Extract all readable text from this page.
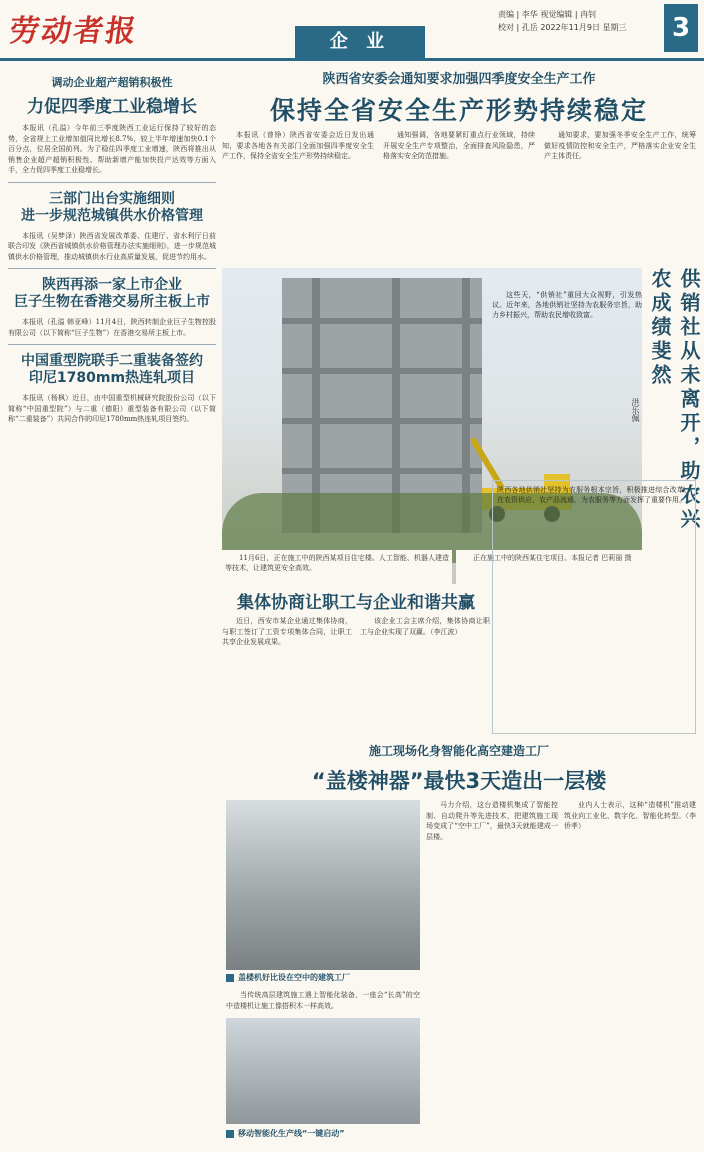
劳动者报	企 业
责编 | 李华 视觉编辑 | 冉钊
校对 | 孔岳 2022年11月9日 星期三	3
调动企业超产超销积极性
力促四季度工业稳增长
本报讯（孔溢）今年前三季度陕西工业运行保持了较好的态势，全省规上工业增加值同比增长8.7%，较上半年增速加快0.1个百分点，位居全国前列。为了稳住四季度工业增速，陕西将推出从销售企业超产超销积极性、帮助新增产能加快投产达效等方面入手，全力促四季度工业稳增长。
三部门出台实施细则
进一步规范城镇供水价格管理
本报讯（吴梦泽）陕西省发展改革委、住建厅、省水利厅日前联合印发《陕西省城镇供水价格管理办法实施细则》，进一步规范城镇供水价格管理，推动城镇供水行业高质量发展，促进节约用水。
陕西再添一家上市企业
巨子生物在香港交易所主板上市
本报讯（孔溢 韩亚峰）11月4日，陕西转制企业巨子生物控股有限公司（以下简称“巨子生物”）在香港交易所主板上市。
中国重型院联手二重装备签约
印尼1780mm热连轧项目
本报讯（杨枫）近日，由中国重型机械研究院股份公司（以下简称“中国重型院”）与二重（德阳）重型装备有限公司（以下简称“二重装备”）共同合作的印尼1780mm热连轧项目签约。
陕西省安委会通知要求加强四季度安全生产工作
保持全省安全生产形势持续稳定
本报讯（曾铮）陕西省安委会近日发出通知，要求各地各有关部门全面加强四季度安全生产工作，保持全省安全生产形势持续稳定。
通知强调，各地要紧盯重点行业领域，持续开展安全生产专项整治，全面排查风险隐患，严格落实安全防范措施。
通知要求，要加强冬季安全生产工作，统筹做好疫情防控和安全生产，严格落实企业安全生产主体责任。
11月6日，正在施工中的陕西某项目住宅楼。人工智能、机器人建造等技术，让建筑更安全高效。
正在施工中的陕西某住宅项目。本报记者 巴莉丽 摄
供销社从未离开，助农兴农成绩斐然
这些天，“供销社”重回大众视野，引发热议。近年来，各地供销社坚持为农服务宗旨，助力乡村振兴，帮助农民增收致富。
洪乐佩
集体协商让职工与企业和谐共赢
近日，西安市某企业通过集体协商，与职工签订了工资专项集体合同，让职工共享企业发展成果。
该企业工会主席介绍，集体协商让职工与企业实现了双赢。（李江波）
陕西各地供销社坚持为农服务根本宗旨，积极推进综合改革，在农资供应、农产品流通、为农服务等方面发挥了重要作用。
施工现场化身智能化高空建造工厂
“盖楼神器”最快3天造出一层楼
盖楼机好比设在空中的建筑工厂
当传统高层建筑施工遇上智能化装备，一座会“长高”的空中造楼机让施工像搭积木一样高效。
移动智能化生产线“一键启动”
马力介绍，这台造楼机集成了智能控制、自动爬升等先进技术，把建筑施工现场变成了“空中工厂”，最快3天就能建成一层楼。
业内人士表示，这种“造楼机”推动建筑业向工业化、数字化、智能化转型。（李侨孝）
